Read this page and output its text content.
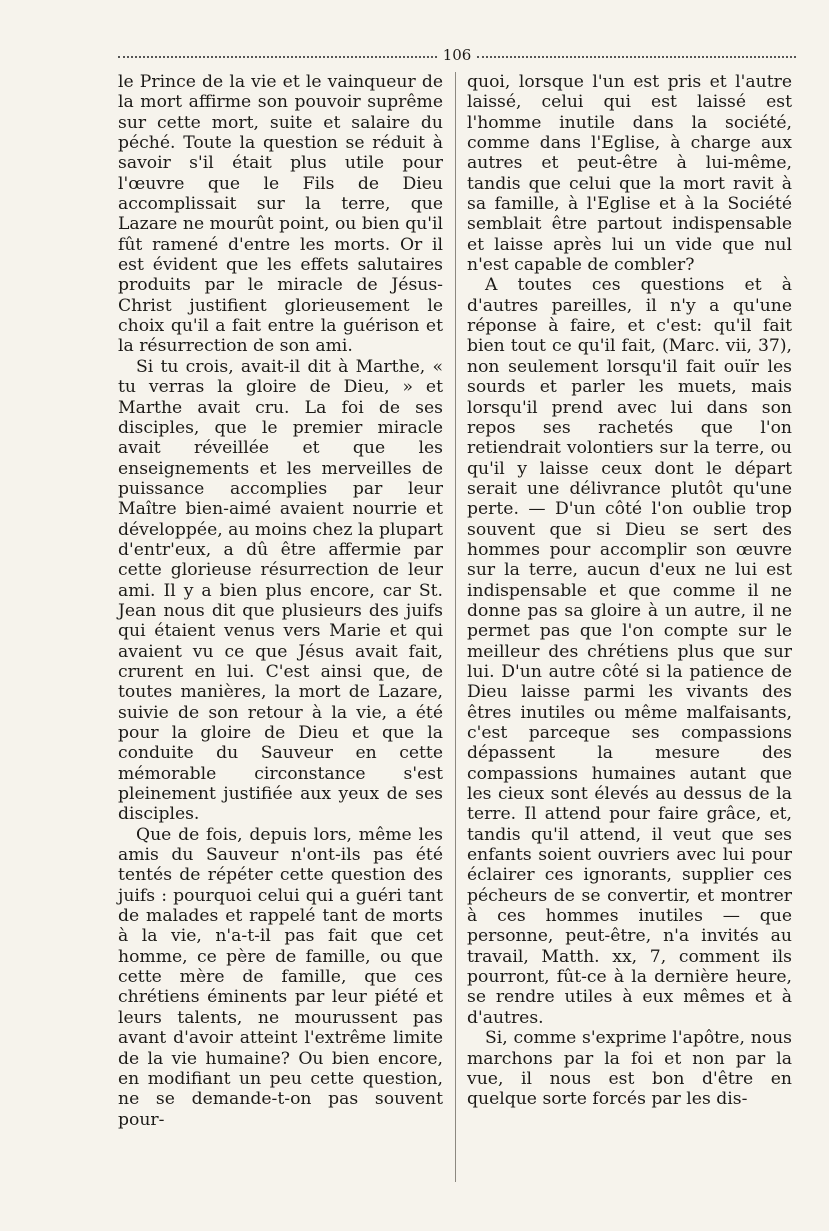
106

le Prince de la vie et le vainqueur de la mort affirme son pouvoir suprême sur cette mort, suite et salaire du péché. Toute la question se réduit à savoir s'il était plus utile pour l'œuvre que le Fils de Dieu accomplissait sur la terre, que Lazare ne mourût point, ou bien qu'il fût ramené d'entre les morts. Or il est évident que les effets salutaires produits par le miracle de Jésus-Christ justifient glorieusement le choix qu'il a fait entre la guérison et la résurrection de son ami.

Si tu crois, avait-il dit à Marthe, « tu verras la gloire de Dieu, » et Marthe avait cru. La foi de ses disciples, que le premier miracle avait réveillée et que les enseignements et les merveilles de puissance accomplies par leur Maître bien-aimé avaient nourrie et développée, au moins chez la plupart d'entr'eux, a dû être affermie par cette glorieuse résurrection de leur ami. Il y a bien plus encore, car St. Jean nous dit que plusieurs des juifs qui étaient venus vers Marie et qui avaient vu ce que Jésus avait fait, crurent en lui. C'est ainsi que, de toutes manières, la mort de Lazare, suivie de son retour à la vie, a été pour la gloire de Dieu et que la conduite du Sauveur en cette mémorable circonstance s'est pleinement justifiée aux yeux de ses disciples.

Que de fois, depuis lors, même les amis du Sauveur n'ont-ils pas été tentés de répéter cette question des juifs : pourquoi celui qui a guéri tant de malades et rappelé tant de morts à la vie, n'a-t-il pas fait que cet homme, ce père de famille, ou que cette mère de famille, que ces chrétiens éminents par leur piété et leurs talents, ne mourussent pas avant d'avoir atteint l'extrême limite de la vie humaine? Ou bien encore, en modifiant un peu cette question, ne se demande-t-on pas souvent pour-

quoi, lorsque l'un est pris et l'autre laissé, celui qui est laissé est l'homme inutile dans la société, comme dans l'Eglise, à charge aux autres et peut-être à lui-même, tandis que celui que la mort ravit à sa famille, à l'Eglise et à la Société semblait être partout indispensable et laisse après lui un vide que nul n'est capable de combler?

A toutes ces questions et à d'autres pareilles, il n'y a qu'une réponse à faire, et c'est: qu'il fait bien tout ce qu'il fait, (Marc. vii, 37), non seulement lorsqu'il fait ouïr les sourds et parler les muets, mais lorsqu'il prend avec lui dans son repos ses rachetés que l'on retiendrait volontiers sur la terre, ou qu'il y laisse ceux dont le départ serait une délivrance plutôt qu'une perte. — D'un côté l'on oublie trop souvent que si Dieu se sert des hommes pour accomplir son œuvre sur la terre, aucun d'eux ne lui est indispensable et que comme il ne donne pas sa gloire à un autre, il ne permet pas que l'on compte sur le meilleur des chrétiens plus que sur lui. D'un autre côté si la patience de Dieu laisse parmi les vivants des êtres inutiles ou même malfaisants, c'est parceque ses compassions dépassent la mesure des compassions humaines autant que les cieux sont élevés au dessus de la terre. Il attend pour faire grâce, et, tandis qu'il attend, il veut que ses enfants soient ouvriers avec lui pour éclairer ces ignorants, supplier ces pécheurs de se convertir, et montrer à ces hommes inutiles — que personne, peut-être, n'a invités au travail, Matth. xx, 7, comment ils pourront, fût-ce à la dernière heure, se rendre utiles à eux mêmes et à d'autres.

Si, comme s'exprime l'apôtre, nous marchons par la foi et non par la vue, il nous est bon d'être en quelque sorte forcés par les dis-
